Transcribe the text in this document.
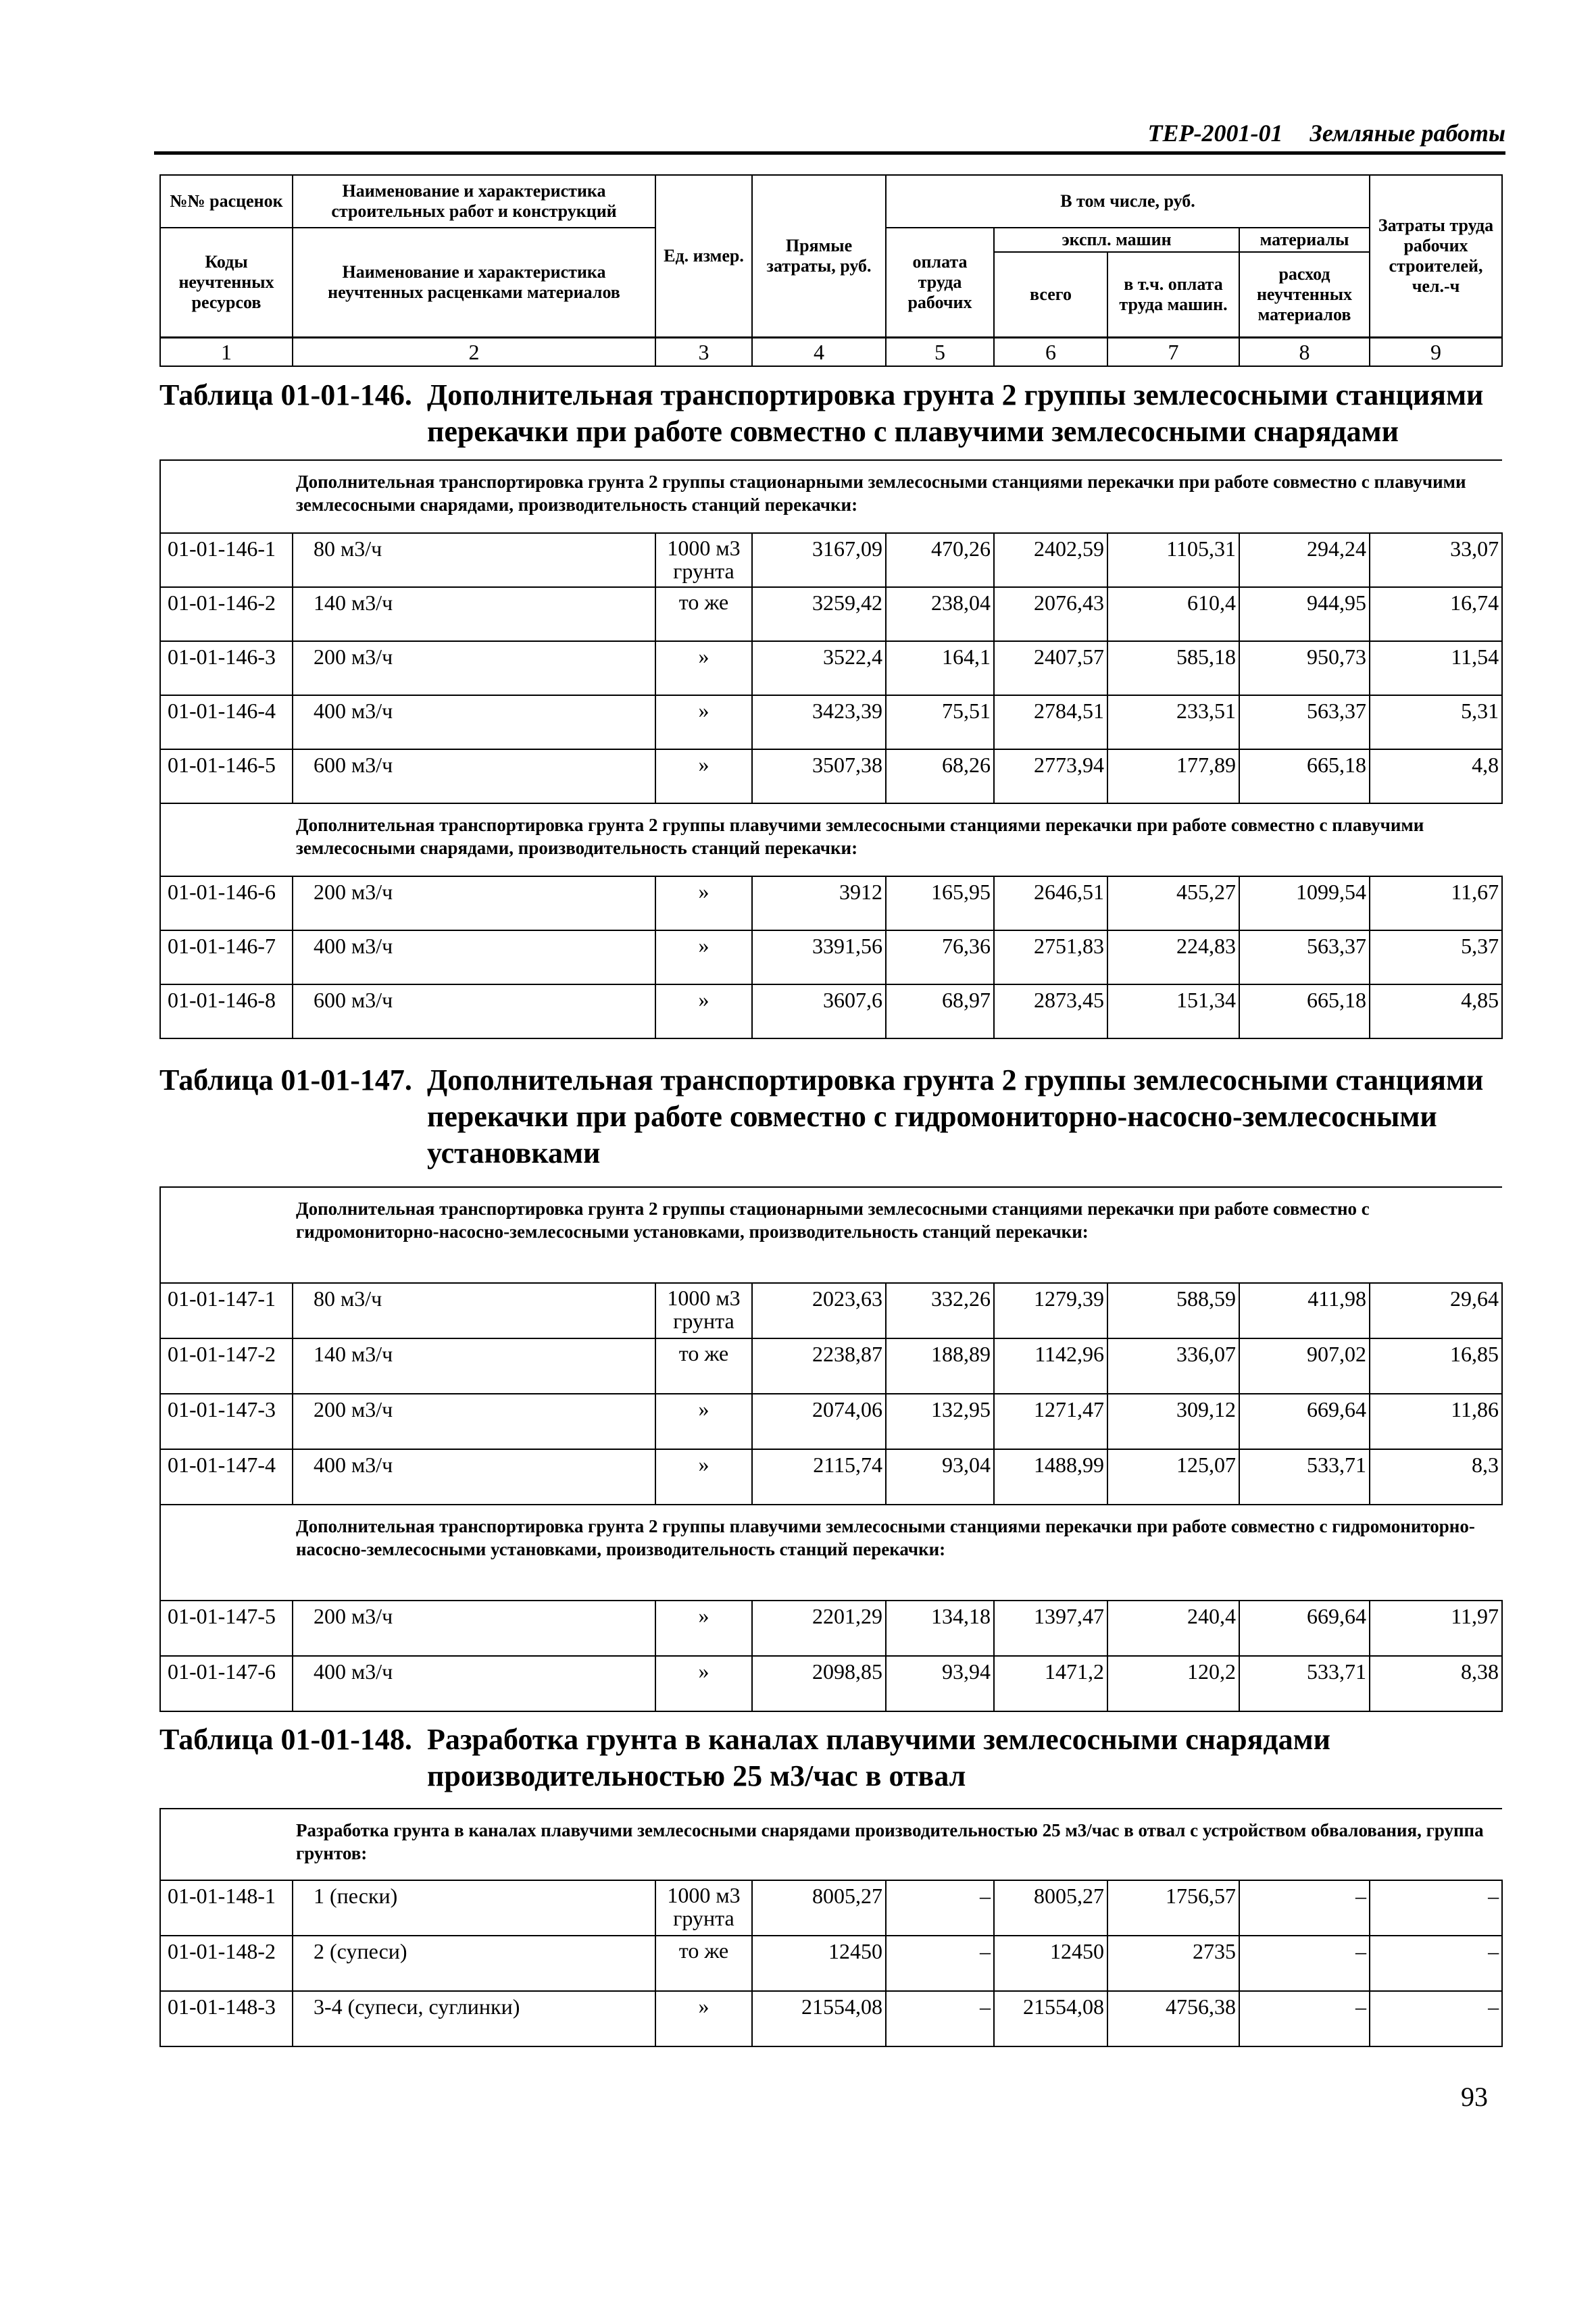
ТЕР-2001-01 Земляные работы
№№ расценок	Наименование и характеристика строительных работ и конструкций	Ед. измер.	Прямые затраты, руб.	В том числе, руб.				Затраты труда рабочих строителей, чел.-ч
Коды неучтенных ресурсов	Наименование и характеристика неучтенных расценками материалов			оплата труда рабочих	экспл. машин		материалы	
					всего	в т.ч. оплата труда машин.	расход неучтенных материалов	
1	2	3	4	5	6	7	8	9
Таблица 01-01-146. Дополнительная транспортировка грунта 2 группы землесосными станциями перекачки при работе совместно с плавучими землесосными снарядами
Таблица 01-01-147. Дополнительная транспортировка грунта 2 группы землесосными станциями перекачки при работе совместно с гидромониторно-насосно-землесосными установками
Таблица 01-01-148. Разработка грунта в каналах плавучими землесосными снарядами производительностью 25 м3/час в отвал
Дополнительная транспортировка грунта 2 группы стационарными землесосными станциями перекачки при работе совместно с плавучими землесосными снарядами, производительность станций перекачки:								

01-01-146-1	80 м3/ч	1000 м3 грунта	3167,09	470,26	2402,59	1105,31	294,24	33,07
01-01-146-2	140 м3/ч	то же	3259,42	238,04	2076,43	610,4	944,95	16,74
01-01-146-3	200 м3/ч	»	3522,4	164,1	2407,57	585,18	950,73	11,54
01-01-146-4	400 м3/ч	»	3423,39	75,51	2784,51	233,51	563,37	5,31
01-01-146-5	600 м3/ч	»	3507,38	68,26	2773,94	177,89	665,18	4,8

Дополнительная транспортировка грунта 2 группы плавучими землесосными станциями перекачки при работе совместно с плавучими землесосными снарядами, производительность станций перекачки:								

01-01-146-6	200 м3/ч	»	3912	165,95	2646,51	455,27	1099,54	11,67
01-01-146-7	400 м3/ч	»	3391,56	76,36	2751,83	224,83	563,37	5,37
01-01-146-8	600 м3/ч	»	3607,6	68,97	2873,45	151,34	665,18	4,85
Дополнительная транспортировка грунта 2 группы стационарными землесосными станциями перекачки при работе совместно с гидромониторно-насосно-землесосными установками, производительность станций перекачки:								

01-01-147-1	80 м3/ч	1000 м3 грунта	2023,63	332,26	1279,39	588,59	411,98	29,64
01-01-147-2	140 м3/ч	то же	2238,87	188,89	1142,96	336,07	907,02	16,85
01-01-147-3	200 м3/ч	»	2074,06	132,95	1271,47	309,12	669,64	11,86
01-01-147-4	400 м3/ч	»	2115,74	93,04	1488,99	125,07	533,71	8,3

Дополнительная транспортировка грунта 2 группы плавучими землесосными станциями перекачки при работе совместно с гидромониторно-насосно-землесосными установками, производительность станций перекачки:								

01-01-147-5	200 м3/ч	»	2201,29	134,18	1397,47	240,4	669,64	11,97
01-01-147-6	400 м3/ч	»	2098,85	93,94	1471,2	120,2	533,71	8,38
Разработка грунта в каналах плавучими землесосными снарядами производительностью 25 м3/час в отвал с устройством обвалования, группа грунтов:								

01-01-148-1	1 (пески)	1000 м3 грунта	8005,27	–	8005,27	1756,57	–	–
01-01-148-2	2 (супеси)	то же	12450	–	12450	2735	–	–
01-01-148-3	3-4 (супеси, суглинки)	»	21554,08	–	21554,08	4756,38	–	–
93
